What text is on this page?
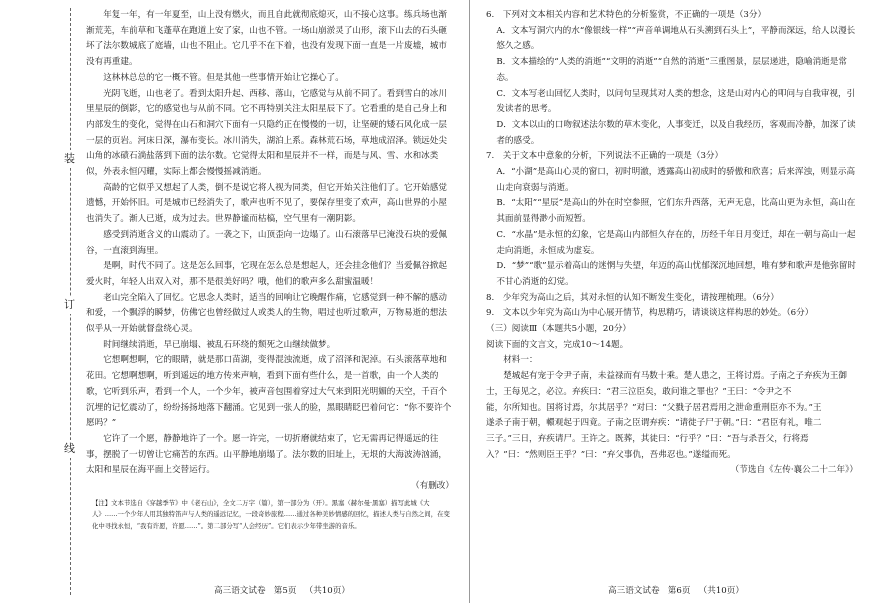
装
订
线

年复一年，有一年夏至，山上没有燃火，而且自此就彻底熄灭，山不接心这事。练兵场也渐渐荒芜，车前草和飞蓬草在跑道上安了家，山也不管。一场山崩淤灵了山形，滚下山去的石头砸坏了法尔数城底了庭墙，山也不阻止。它几乎不在下着，也没有发现下面一直是一片废墟，城市没有再重建。

这林林总总的它一概不管。但是其他一些事情开始让它操心了。

光阴飞逝，山也老了。看到太阳升起、西移、落山，它感觉与从前不同了。看到雪白的冰川里星辰的倒影，它的感觉也与从前不同。它不再特别关注太阳星辰下了。它看重的是自己身上和内部发生的变化，觉得在山石和洞穴下面有一只隐约正在慢慢的一切，让坚硬的矮石风化成一层一层的页岩。河床日深，瀑布变长。冰川消失，湖泊上系。森林荒石场，草地成沼泽。锁远处尖山角的冰碛石淌盐落到下面的法尔数。它觉得太阳和星辰并不一样，而是与风、雪、水和冰类似，外表永恒闪耀，实际上都会慢慢摇减消逝。

高龄的它似乎又想起了人类，倒不是说它将人视为同类，但它开始关注他们了。它开始感觉遗憾，开始怀旧。可是城市已经消失了，歌声也听不见了，要保存里变了欢声，高山世界的小屋也消失了。渐人已逝，成为过去。世界静谧而枯槁，空气里有一潮阴影。

感受到消逝含义的山震动了。一袭之下，山顶歪向一边塌了。山石滚落早已淹没石块的爱佩谷，一直滚到海里。

是啊，时代不同了。这是怎么回事，它现在怎么总是想起人，还会挂念他们？当爱佩谷掀起爱火时，年轻人出双入对，那不是很美好吗？哦，他们的歌声多么甜蜜温暖！

老山完全陷入了回忆。它思念人类时，适当的回响让它晚醒作痛，它感觉到一种不解的感动和爱，一个飘浮的瞬梦，仿佛它也曾经做过人或类人的生物，唱过也听过歌声，万物易逝的想法似乎从一开始就督盘绕心灵。

时间继续消逝，早已崩塌、被乱石环绕的颓死之山继续做梦。

它想啊想啊，它的眼睛，就是那口苗湖，变得混浊流逝，成了沼泽和泥淖。石头滚落草地和花田。它想啊想啊，听到遥远的地方传来声响，看到下面有些什么，是一首歌，由一个人类的歌，它听到乐声，看到一个人，一个少年，被声音包围着穿过大气来到阳光明媚的天空，千百个沉埋的记忆震动了，纷纷扬扬地落下翻涌。它见到一张人的脸，黑眼睛眨巴着问它：“你不要许个愿吗？”

它许了一个愿，静静地许了一个。愿一许完，一切折磨就结束了，它无需再记得遥远的往事，摆脱了一切曾让它痛苦的东西。山平静地崩塌了。法尔数的旧址上，无垠的大海波涛汹涌，太阳和星辰在海平面上交替运行。

（有删改）

【注】文本节选自《穿越季节》中《老石山》，全文二万字（篇），第一部分为（开）。黑塞（赫尔曼·黑塞）描写此城《大人》……一个少年人用其独特笛声与人类的遥远记忆，一段奇妙旅程……通过各种美妙情感的回忆，描述人类与自然之间，在变化中寻找永恒，“我有许愿，许愿……”。第二部分写“人会经历”。它们表示少年带坐游的音乐。

高三语文试卷 第5页 （共10页）

6.　下列对文本相关内容和艺术特色的分析鉴赏，不正确的一项是（3分）

A．文本写洞穴内的水“像银线一样”“声音单调地从石头溯到石头上”，平静而深远，给人以漫长悠久之感。

B．文本描绘的“人类的消逝”“文明的消逝”“自然的消逝”三重图景，层层递进，隐喻消逝是常态。

C．文本写老山回忆人类时，以问句呈现其对人类的想念，这是山对内心的叩问与自我审视，引发读者的思考。

D．文本以山的口吻叙述法尔数的草木变化，人事变迁，以及自我经历，客观而冷静，加深了读者的感受。

7.　关于文本中意象的分析，下列说法不正确的一项是（3分）

A．“小湖”是高山心灵的窗口，初时明澈，透露高山初成时的骄傲和欣喜；后来浑浊，则显示高山走向衰弱与消逝。

B．“太阳”“星辰”是高山的外在时空参照，它们东升西落，无声无息，比高山更为永恒，高山在其面前显得渺小而短暂。

C．“水晶”是永恒的幻象，它是高山内部恒久存在的，历经千年日月变迁，却在一朝与高山一起走向消逝，永恒成为虚妄。

D．“梦”“歌”显示着高山的迷惘与失望，年迈的高山忧郁深沉地回想，唯有梦和歌声是他弥留时不甘心消逝的幻觉。

8.　少年究为高山之后，其对永恒的认知不断发生变化，请按理梳理。（6分）

9.　文本以少年究为高山为中心展开情节，构思精巧，请谈谈这样构思的妙处。（6分）

（三）阅读Ⅲ（本题共5小题，20分）

阅读下面的文言文，完成10～14题。

材料一：

楚城起有宠于令尹子南，未益禄而有马数十乘。楚人患之，王将讨焉。子南之子弃疾为王御士，王每见之，必泣。弃疾曰：“君三泣臣矣，敢问谁之罪也？”王曰：“令尹之不

能，尔所知也。国将讨焉，尔其居乎？”对曰：“父戮子居君焉用之泄命重刑臣亦不为。”王

遂杀子南于朝，轘观起于四竟。子南之臣谓弃疾：“请徙子尸于朝。”曰：“君臣有礼，唯二

三子。”三日，弃疾请尸。王许之。既葬，其徒曰：“行乎？”曰：“吾与杀吾父，行将焉

入？”曰：“然则臣王乎？”曰：“弃父事仇，吾弗忍也。”遂缢而死。

（节选自《左传·襄公二十二年》）

高三语文试卷 第6页 （共10页）
